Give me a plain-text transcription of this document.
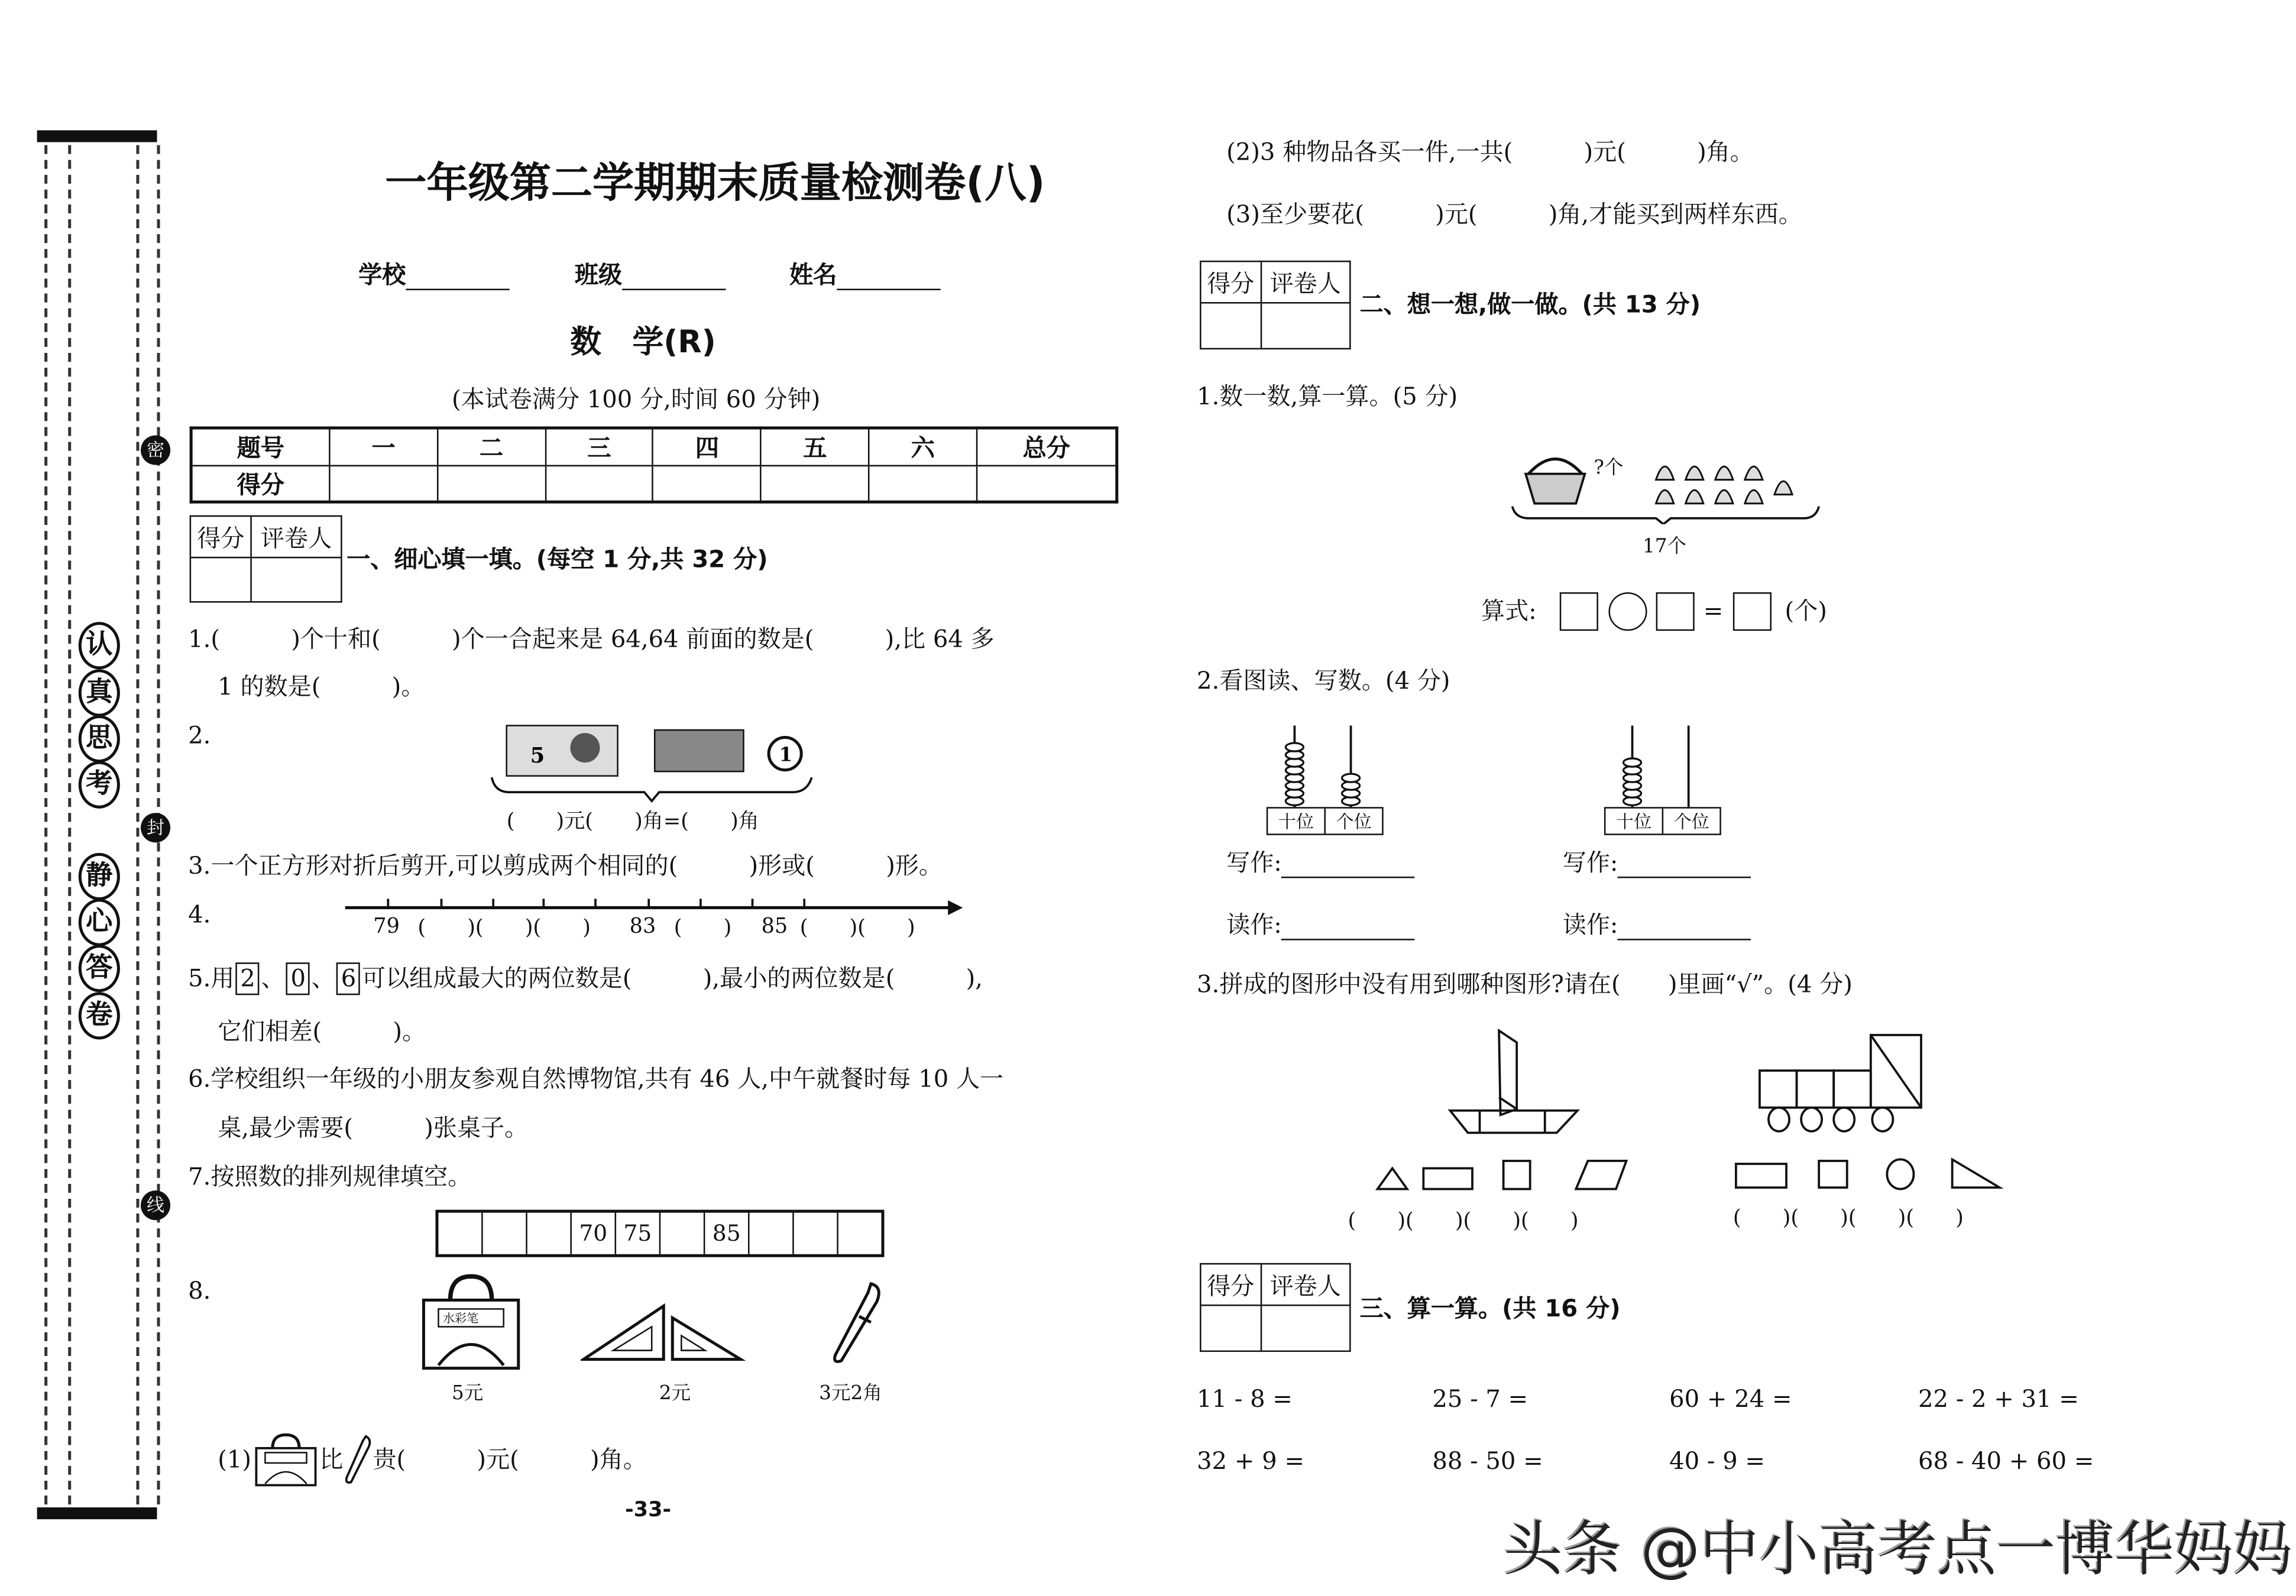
密
封
线
认
真
思
考
静
心
答
卷
一年级第二学期期末质量检测卷(八)
学校	班级	姓名
数　学(R)
(本试卷满分 100 分,时间 60 分钟)
题号	一	二	三	四	五	六	总分
得分							
得分	评卷人

一、细心填一填。(每空 1 分,共 32 分)
1.(　　　)个十和(　　　)个一合起来是 64,64 前面的数是(　　　),比 64 多
1 的数是(　　　)。
2.
5	1
(　　)元(　　)角=(　　)角
3.一个正方形对折后剪开,可以剪成两个相同的(　　　)形或(　　　)形。
4.	79 (　　)(　　)(　　)	83 (　　)	85 (　　)(　　)
5.用 2 、 0 、 6 可以组成最大的两位数是(　　　),最小的两位数是(　　　),
它们相差(　　　)。
6.学校组织一年级的小朋友参观自然博物馆,共有 46 人,中午就餐时每 10 人一
桌,最少需要(　　　)张桌子。
7.按照数的排列规律填空。
70	75	85
8.
水彩笔
5元	2元	3元2角
(1)	比	贵(　　　)元(　　　)角。
-33-
(2)3 种物品各买一件,一共(　　　)元(　　　)角。
(3)至少要花(　　　)元(　　　)角,才能买到两样东西。
得分	评卷人

二、想一想,做一做。(共 13 分)
1.数一数,算一算。(5 分)
?个
17个
算式:	=	(个)
2.看图读、写数。(4 分)
十位	个位	十位	个位
写作:
读作:
写作:
读作:
3.拼成的图形中没有用到哪种图形?请在(　　)里画“√”。(4 分)
(　　)(　　)(　　)(　　)	(　　)(　　)(　　)(　　)
得分	评卷人

三、算一算。(共 16 分)
11 - 8 =	25 - 7 =	60 + 24 =	22 - 2 + 31 =
32 + 9 =	88 - 50 =	40 - 9 =	68 - 40 + 60 =
头条 @中小高考点一博华妈妈
